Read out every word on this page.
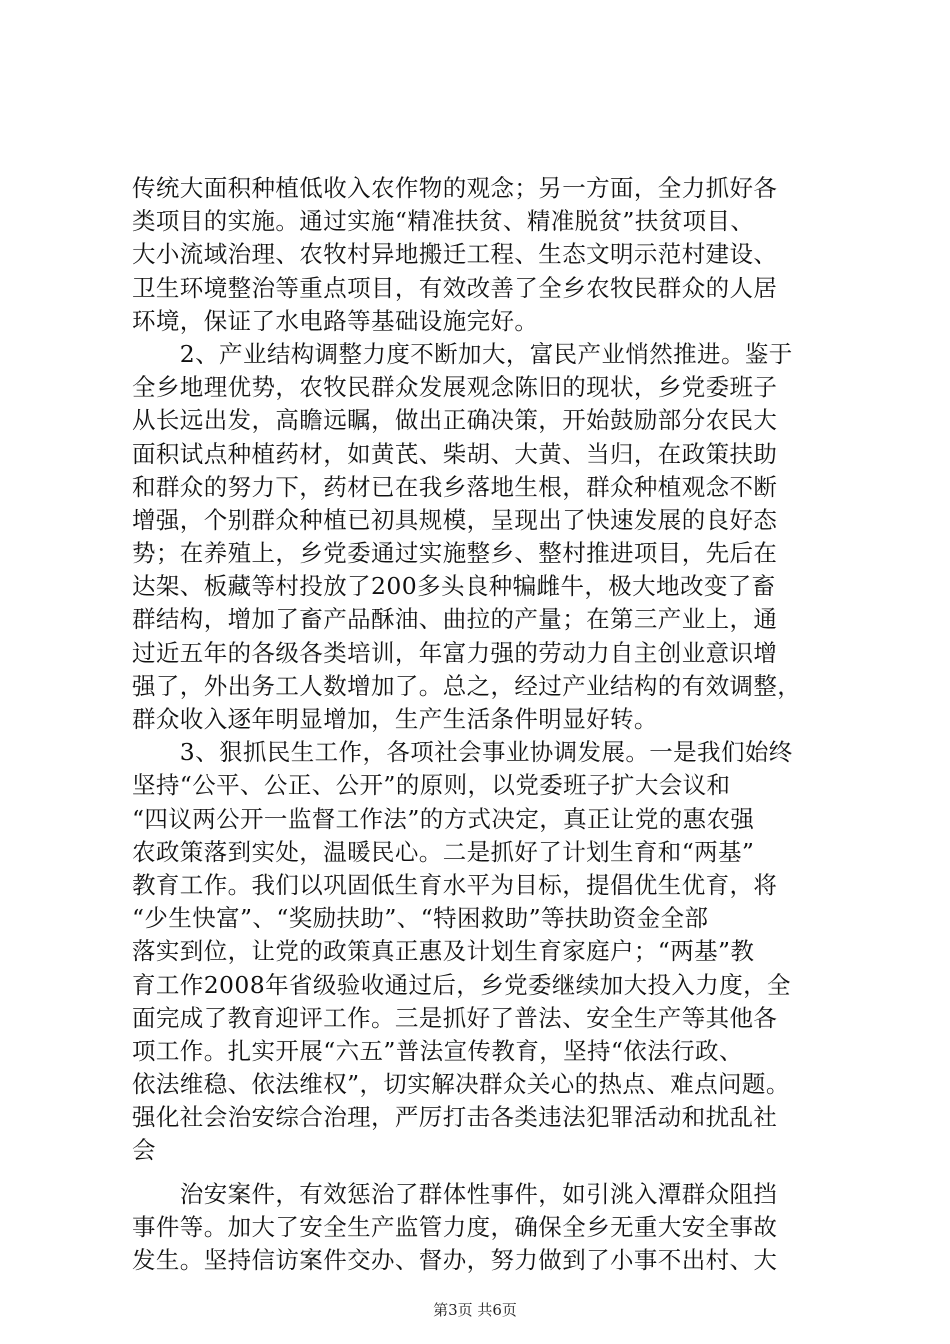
传统大面积种植低收入农作物的观念；另一方面，全力抓好各
类项目的实施。通过实施“精准扶贫、精准脱贫”扶贫项目、
大小流域治理、农牧村异地搬迁工程、生态文明示范村建设、
卫生环境整治等重点项目，有效改善了全乡农牧民群众的人居
环境，保证了水电路等基础设施完好。
　　2、产业结构调整力度不断加大，富民产业悄然推进。鉴于
全乡地理优势，农牧民群众发展观念陈旧的现状，乡党委班子
从长远出发，高瞻远瞩，做出正确决策，开始鼓励部分农民大
面积试点种植药材，如黄芪、柴胡、大黄、当归，在政策扶助
和群众的努力下，药材已在我乡落地生根，群众种植观念不断
增强，个别群众种植已初具规模，呈现出了快速发展的良好态
势；在养殖上，乡党委通过实施整乡、整村推进项目，先后在
达架、板藏等村投放了200多头良种犏雌牛，极大地改变了畜
群结构，增加了畜产品酥油、曲拉的产量；在第三产业上，通
过近五年的各级各类培训，年富力强的劳动力自主创业意识增
强了，外出务工人数增加了。总之，经过产业结构的有效调整，
群众收入逐年明显增加，生产生活条件明显好转。
　　3、狠抓民生工作，各项社会事业协调发展。一是我们始终
坚持“公平、公正、公开”的原则，以党委班子扩大会议和
“四议两公开一监督工作法”的方式决定，真正让党的惠农强
农政策落到实处，温暖民心。二是抓好了计划生育和“两基”
教育工作。我们以巩固低生育水平为目标，提倡优生优育，将
“少生快富”、“奖励扶助”、“特困救助”等扶助资金全部
落实到位，让党的政策真正惠及计划生育家庭户；“两基”教
育工作2008年省级验收通过后，乡党委继续加大投入力度，全
面完成了教育迎评工作。三是抓好了普法、安全生产等其他各
项工作。扎实开展“六五”普法宣传教育，坚持“依法行政、
依法维稳、依法维权”，切实解决群众关心的热点、难点问题。
强化社会治安综合治理，严厉打击各类违法犯罪活动和扰乱社
会
　　治安案件，有效惩治了群体性事件，如引洮入潭群众阻挡
事件等。加大了安全生产监管力度，确保全乡无重大安全事故
发生。坚持信访案件交办、督办，努力做到了小事不出村、大
第3页 共6页
